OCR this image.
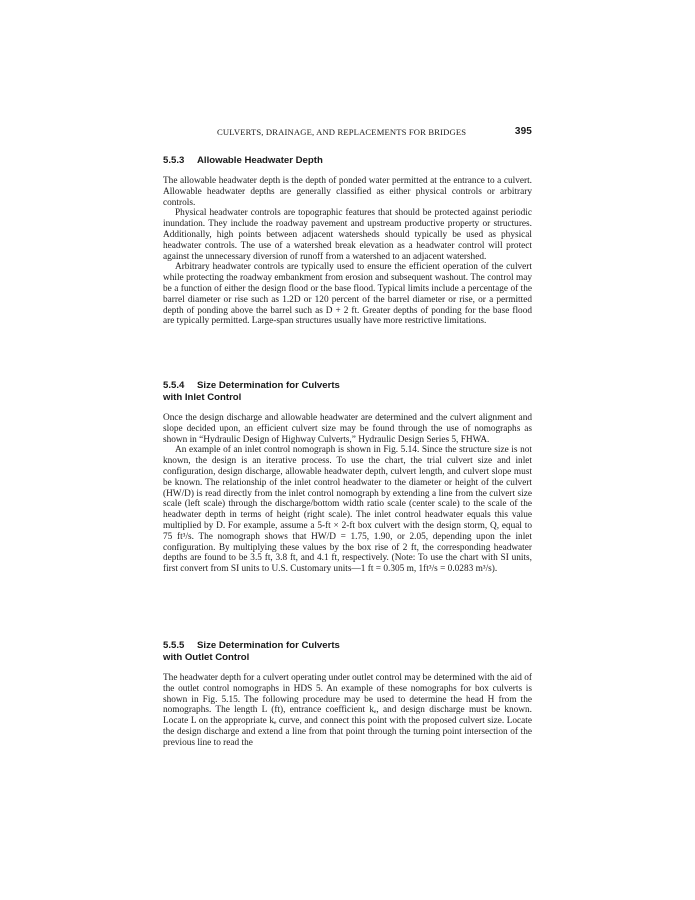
CULVERTS, DRAINAGE, AND REPLACEMENTS FOR BRIDGES	395

5.5.3 Allowable Headwater Depth

The allowable headwater depth is the depth of ponded water permitted at the entrance to a culvert. Allowable headwater depths are generally classified as either physical controls or arbitrary controls.

Physical headwater controls are topographic features that should be protected against periodic inundation. They include the roadway pavement and upstream productive property or structures. Additionally, high points between adjacent watersheds should typically be used as physical headwater controls. The use of a watershed break elevation as a headwater control will protect against the unnecessary diversion of runoff from a watershed to an adjacent watershed.

Arbitrary headwater controls are typically used to ensure the efficient operation of the culvert while protecting the roadway embankment from erosion and subsequent washout. The control may be a function of either the design flood or the base flood. Typical limits include a percentage of the barrel diameter or rise such as 1.2D or 120 percent of the barrel diameter or rise, or a permitted depth of ponding above the barrel such as D + 2 ft. Greater depths of ponding for the base flood are typically permitted. Large-span structures usually have more restrictive limitations.

5.5.4 Size Determination for Culverts
with Inlet Control

Once the design discharge and allowable headwater are determined and the culvert alignment and slope decided upon, an efficient culvert size may be found through the use of nomographs as shown in “Hydraulic Design of Highway Culverts,” Hydraulic Design Series 5, FHWA.

An example of an inlet control nomograph is shown in Fig. 5.14. Since the structure size is not known, the design is an iterative process. To use the chart, the trial culvert size and inlet configuration, design discharge, allowable headwater depth, culvert length, and culvert slope must be known. The relationship of the inlet control headwater to the diameter or height of the culvert (HW/D) is read directly from the inlet control nomograph by extending a line from the culvert size scale (left scale) through the discharge/bottom width ratio scale (center scale) to the scale of the headwater depth in terms of height (right scale). The inlet control headwater equals this value multiplied by D. For example, assume a 5-ft × 2-ft box culvert with the design storm, Q, equal to 75 ft³/s. The nomograph shows that HW/D = 1.75, 1.90, or 2.05, depending upon the inlet configuration. By multiplying these values by the box rise of 2 ft, the corresponding headwater depths are found to be 3.5 ft, 3.8 ft, and 4.1 ft, respectively. (Note: To use the chart with SI units, first convert from SI units to U.S. Customary units—1 ft = 0.305 m, 1ft³/s = 0.0283 m³/s).

5.5.5 Size Determination for Culverts
with Outlet Control

The headwater depth for a culvert operating under outlet control may be determined with the aid of the outlet control nomographs in HDS 5. An example of these nomographs for box culverts is shown in Fig. 5.15. The following procedure may be used to determine the head H from the nomographs. The length L (ft), entrance coefficient kₑ, and design discharge must be known. Locate L on the appropriate kₑ curve, and connect this point with the proposed culvert size. Locate the design discharge and extend a line from that point through the turning point intersection of the previous line to read the
